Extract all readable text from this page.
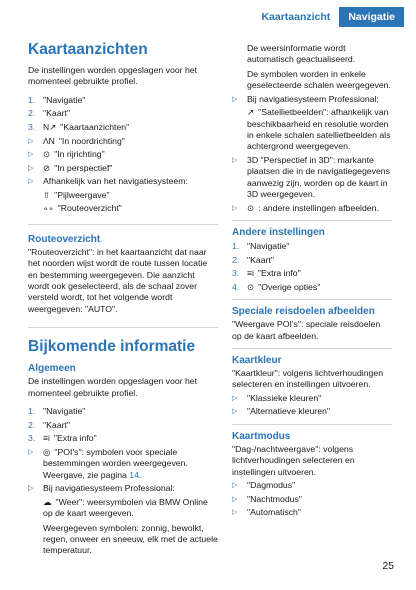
Kaartaanzicht	Navigatie
Kaartaanzichten

De instellingen worden opgeslagen voor het momenteel gebruikte profiel.

1. "Navigatie"
2. "Kaart"
3. N↗ "Kaartaanzichten"
▷ ɅN "In noordrichting"
▷ ⊙ "In rijrichting"
▷ ⊘ "In perspectief"
▷ Afhankelijk van het navigatiesysteem:

⇧ "Pijlweergave"

∘∘ "Routeoverzicht"

Routeoverzicht

"Routeoverzicht": in het kaartaanzicht dat naar het noorden wijst wordt de route tussen locatie en bestemming weergegeven. Die aanzicht wordt ook geselecteerd, als de schaal zover versteld wordt, tot het volgende wordt weergegeven: "AUTO".

Bijkomende informatie
Algemeen

De instellingen worden opgeslagen voor het momenteel gebruikte profiel.

1. "Navigatie"
2. "Kaart"
3. ≡i "Extra info"
▷ ◎ "POI's": symbolen voor speciale bestemmingen worden weergegeven. Weergave, zie pagina 14.
▷ Bij navigatiesysteem Professional:

☁ "Weer": weersymbolen via BMW Online op de kaart weergeven.

Weergegeven symbolen: zonnig, bewolkt, regen, onweer en sneeuw, elk met de actuele temperatuur.

De weersinformatie wordt automatisch geactualiseerd.

De symbolen worden in enkele geselecteerde schalen weergegeven.

▷ Bij navigatiesysteem Professional:

↗ "Satellietbeelden": afhankelijk van beschikbaarheid en resolutie worden in enkele schalen satellietbeelden als achtergrond weergegeven.

▷ 3D "Perspectief in 3D": markante plaatsen die in de navigatiegegevens aanwezig zijn, worden op de kaart in 3D weergegeven.
▷ ⊙ : andere instellingen afbeelden.
Andere instellingen
1. "Navigatie"
2. "Kaart"
3. ≡i "Extra info"
4. ⊙ "Overige opties"
Speciale reisdoelen afbeelden

"Weergave POI's": speciale reisdoelen op de kaart afbeelden.

Kaartkleur

"Kaartkleur": volgens lichtverhoudingen selecteren en instellingen uitvoeren.

▷ "Klassieke kleuren"
▷ "Alternatieve kleuren"
Kaartmodus

"Dag-/nachtweergave": volgens lichtverhoudingen selecteren en instellingen uitvoeren.

▷ "Dagmodus"
▷ "Nachtmodus"
▷ "Automatisch"
25
